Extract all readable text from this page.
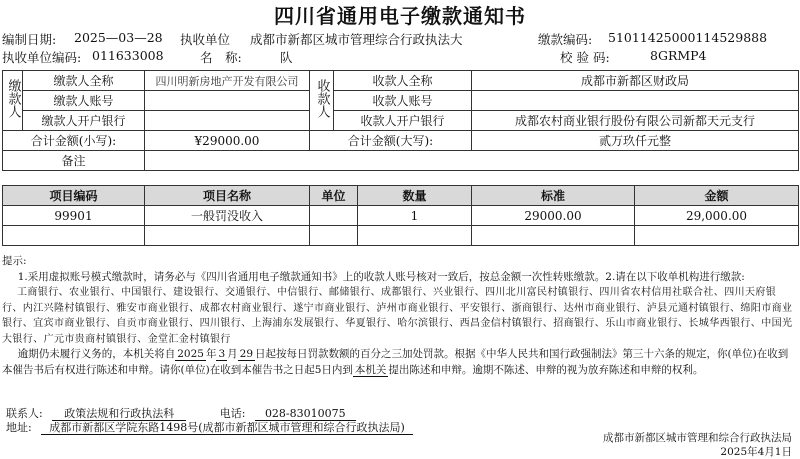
四川省通用电子缴款通知书
编制日期: 2025—03—28 执收单位 成都市新都区城市管理综合行政执法大	缴款编码: 51011425000114529888
执收单位编码: 011633008	名　称:	队	校 验 码:	8GRMP4
缴款人	缴款人全称	四川明新房地产开发有限公司	收款人	收款人全称	成都市新都区财政局
	缴款人账号			收款人账号	
	缴款人开户银行			收款人开户银行	成都农村商业银行股份有限公司新都天元支行
合计金额(小写):		¥29000.00	合计金额(大写):		贰万玖仟元整
备注					
项目编码	项目名称	单位	数量	标准	金额
99901	一般罚没收入		1	29000.00	29,000.00

提示:

1.采用虚拟账号模式缴款时，请务必与《四川省通用电子缴款通知书》上的收款人账号核对一致后，按总金额一次性转账缴款。2.请在以下收单机构进行缴款:

工商银行、农业银行、中国银行、建设银行、交通银行、中信银行、邮储银行、成都银行、兴业银行、四川北川富民村镇银行、四川省农村信用社联合社、四川天府银行、内江兴隆村镇银行、雅安市商业银行、成都农村商业银行、遂宁市商业银行、泸州市商业银行、平安银行、浙商银行、达州市商业银行、泸县元通村镇银行、绵阳市商业银行、宜宾市商业银行、自贡市商业银行、四川银行、上海浦东发展银行、华夏银行、哈尔滨银行、西昌金信村镇银行、招商银行、乐山市商业银行、长城华西银行、中国光大银行、广元市贵商村镇银行、金堂汇金村镇银行

逾期仍未履行义务的，本机关将自 2025 年 3 月 29 日起按每日罚款数额的百分之三加处罚款。根据《中华人民共和国行政强制法》第三十六条的规定，你(单位)在收到本催告书后有权进行陈述和申辩。请你(单位)在收到本催告书之日起5日内到 本机关 提出陈述和申辩。逾期不陈述、申辩的视为放弃陈述和申辩的权利。

联系人: 政策法规和行政执法科	电话: 028-83010075
地址: 成都市新都区学院东路1498号(成都市新都区城市管理和综合行政执法局)
成都市新都区城市管理和综合行政执法局
2025年4月1日
